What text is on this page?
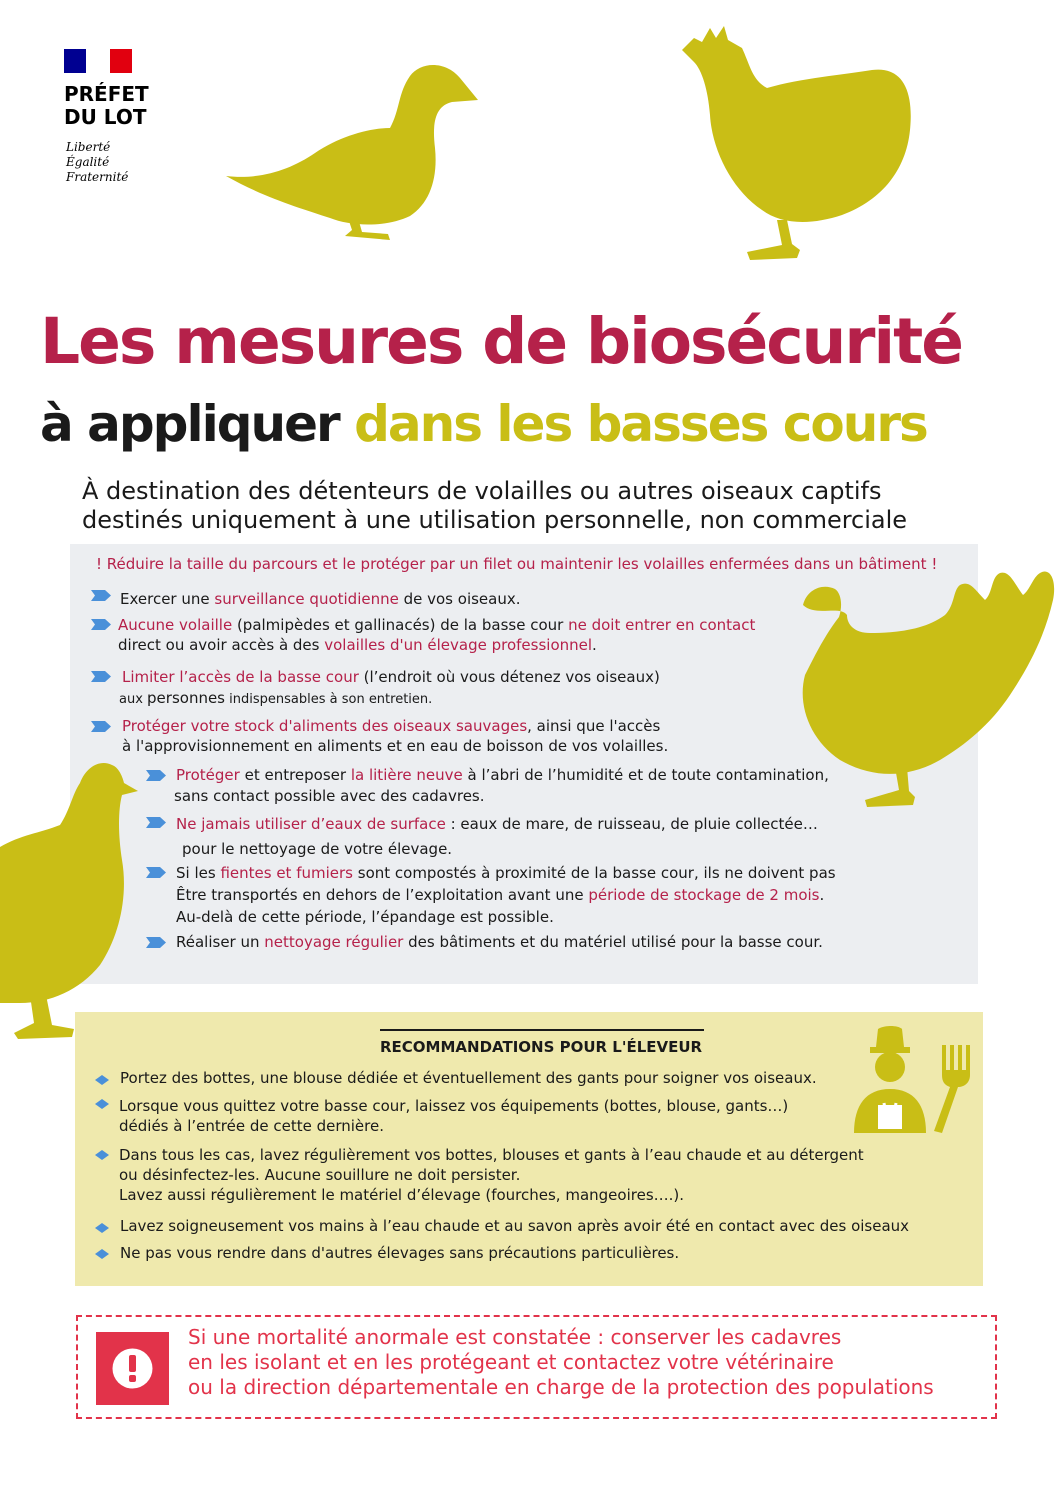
PRÉFET
DU LOT
Liberté
Égalité
Fraternité
Les mesures de biosécurité
à appliquer dans les basses cours
À destination des détenteurs de volailles ou autres oiseaux captifs
destinés uniquement à une utilisation personnelle, non commerciale
! Réduire la taille du parcours et le protéger par un filet ou maintenir les volailles enfermées dans un bâtiment !
Exercer une surveillance quotidienne de vos oiseaux.
Aucune volaille (palmipèdes et gallinacés) de la basse cour ne doit entrer en contact
direct ou avoir accès à des volailles d'un élevage professionnel.
Limiter l’accès de la basse cour (l’endroit où vous détenez vos oiseaux)
aux personnes indispensables à son entretien.
Protéger votre stock d'aliments des oiseaux sauvages, ainsi que l'accès
à l'approvisionnement en aliments et en eau de boisson de vos volailles.
Protéger et entreposer la litière neuve à l’abri de l’humidité et de toute contamination,
sans contact possible avec des cadavres.
Ne jamais utiliser d’eaux de surface : eaux de mare, de ruisseau, de pluie collectée…
pour le nettoyage de votre élevage.
Si les fientes et fumiers sont compostés à proximité de la basse cour, ils ne doivent pas
Être transportés en dehors de l’exploitation avant une période de stockage de 2 mois.
Au-delà de cette période, l’épandage est possible.
Réaliser un nettoyage régulier des bâtiments et du matériel utilisé pour la basse cour.
RECOMMANDATIONS POUR L'ÉLEVEUR
Portez des bottes, une blouse dédiée et éventuellement des gants pour soigner vos oiseaux.
Lorsque vous quittez votre basse cour, laissez vos équipements (bottes, blouse, gants…)
dédiés à l’entrée de cette dernière.
Dans tous les cas, lavez régulièrement vos bottes, blouses et gants à l’eau chaude et au détergent
ou désinfectez-les. Aucune souillure ne doit persister.
Lavez aussi régulièrement le matériel d’élevage (fourches, mangeoires….).
Lavez soigneusement vos mains à l’eau chaude et au savon après avoir été en contact avec des oiseaux
Ne pas vous rendre dans d'autres élevages sans précautions particulières.
Si une mortalité anormale est constatée : conserver les cadavres
en les isolant et en les protégeant et contactez votre vétérinaire
ou la direction départementale en charge de la protection des populations
